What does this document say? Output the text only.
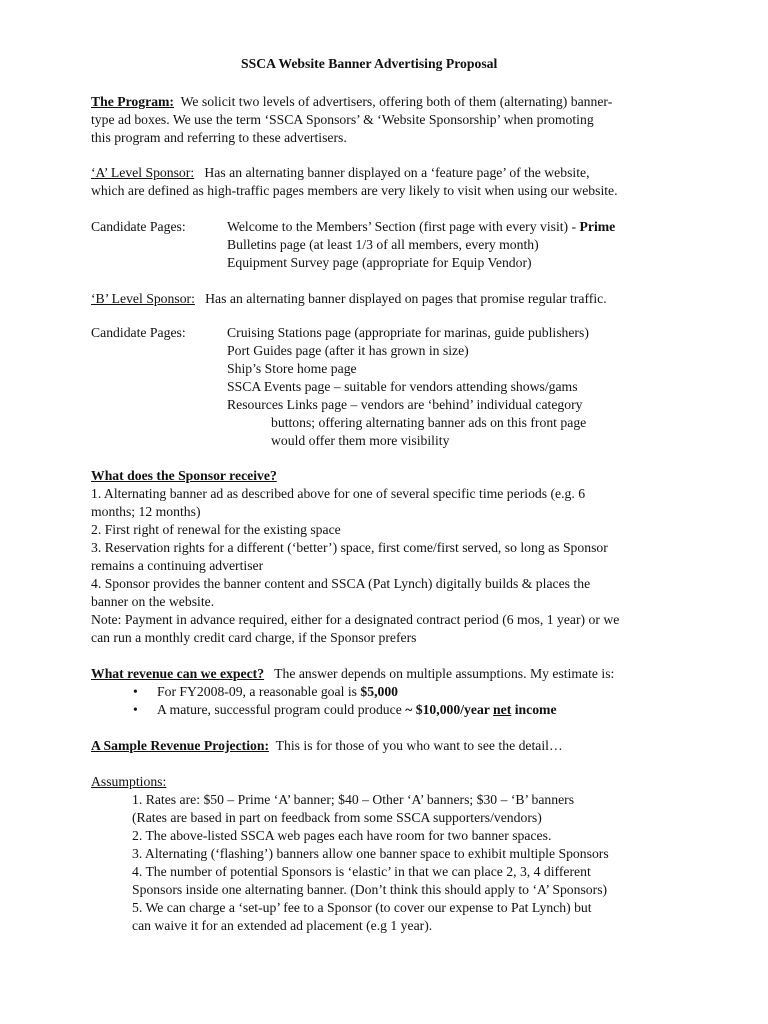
SSCA Website Banner Advertising Proposal
The Program: We solicit two levels of advertisers, offering both of them (alternating) banner-
type ad boxes. We use the term ‘SSCA Sponsors’ & ‘Website Sponsorship’ when promoting
this program and referring to these advertisers.
‘A’ Level Sponsor: Has an alternating banner displayed on a ‘feature page’ of the website,
which are defined as high-traffic pages members are very likely to visit when using our website.
Candidate Pages:	Welcome to the Members’ Section (first page with every visit) - Prime
Bulletins page (at least 1/3 of all members, every month)
Equipment Survey page (appropriate for Equip Vendor)
‘B’ Level Sponsor: Has an alternating banner displayed on pages that promise regular traffic.
Candidate Pages:	Cruising Stations page (appropriate for marinas, guide publishers)
Port Guides page (after it has grown in size)
Ship’s Store home page
SSCA Events page – suitable for vendors attending shows/gams
Resources Links page – vendors are ‘behind’ individual category
buttons; offering alternating banner ads on this front page
would offer them more visibility
What does the Sponsor receive?
1. Alternating banner ad as described above for one of several specific time periods (e.g. 6
months; 12 months)
2. First right of renewal for the existing space
3. Reservation rights for a different (‘better’) space, first come/first served, so long as Sponsor
remains a continuing advertiser
4. Sponsor provides the banner content and SSCA (Pat Lynch) digitally builds & places the
banner on the website.
Note: Payment in advance required, either for a designated contract period (6 mos, 1 year) or we
can run a monthly credit card charge, if the Sponsor prefers
What revenue can we expect? The answer depends on multiple assumptions. My estimate is:
• For FY2008-09, a reasonable goal is $5,000
• A mature, successful program could produce ~ $10,000/year net income
A Sample Revenue Projection: This is for those of you who want to see the detail…
Assumptions:
1. Rates are: $50 – Prime ‘A’ banner; $40 – Other ‘A’ banners; $30 – ‘B’ banners
(Rates are based in part on feedback from some SSCA supporters/vendors)
2. The above-listed SSCA web pages each have room for two banner spaces.
3. Alternating (‘flashing’) banners allow one banner space to exhibit multiple Sponsors
4. The number of potential Sponsors is ‘elastic’ in that we can place 2, 3, 4 different
Sponsors inside one alternating banner. (Don’t think this should apply to ‘A’ Sponsors)
5. We can charge a ‘set-up’ fee to a Sponsor (to cover our expense to Pat Lynch) but
can waive it for an extended ad placement (e.g 1 year).
